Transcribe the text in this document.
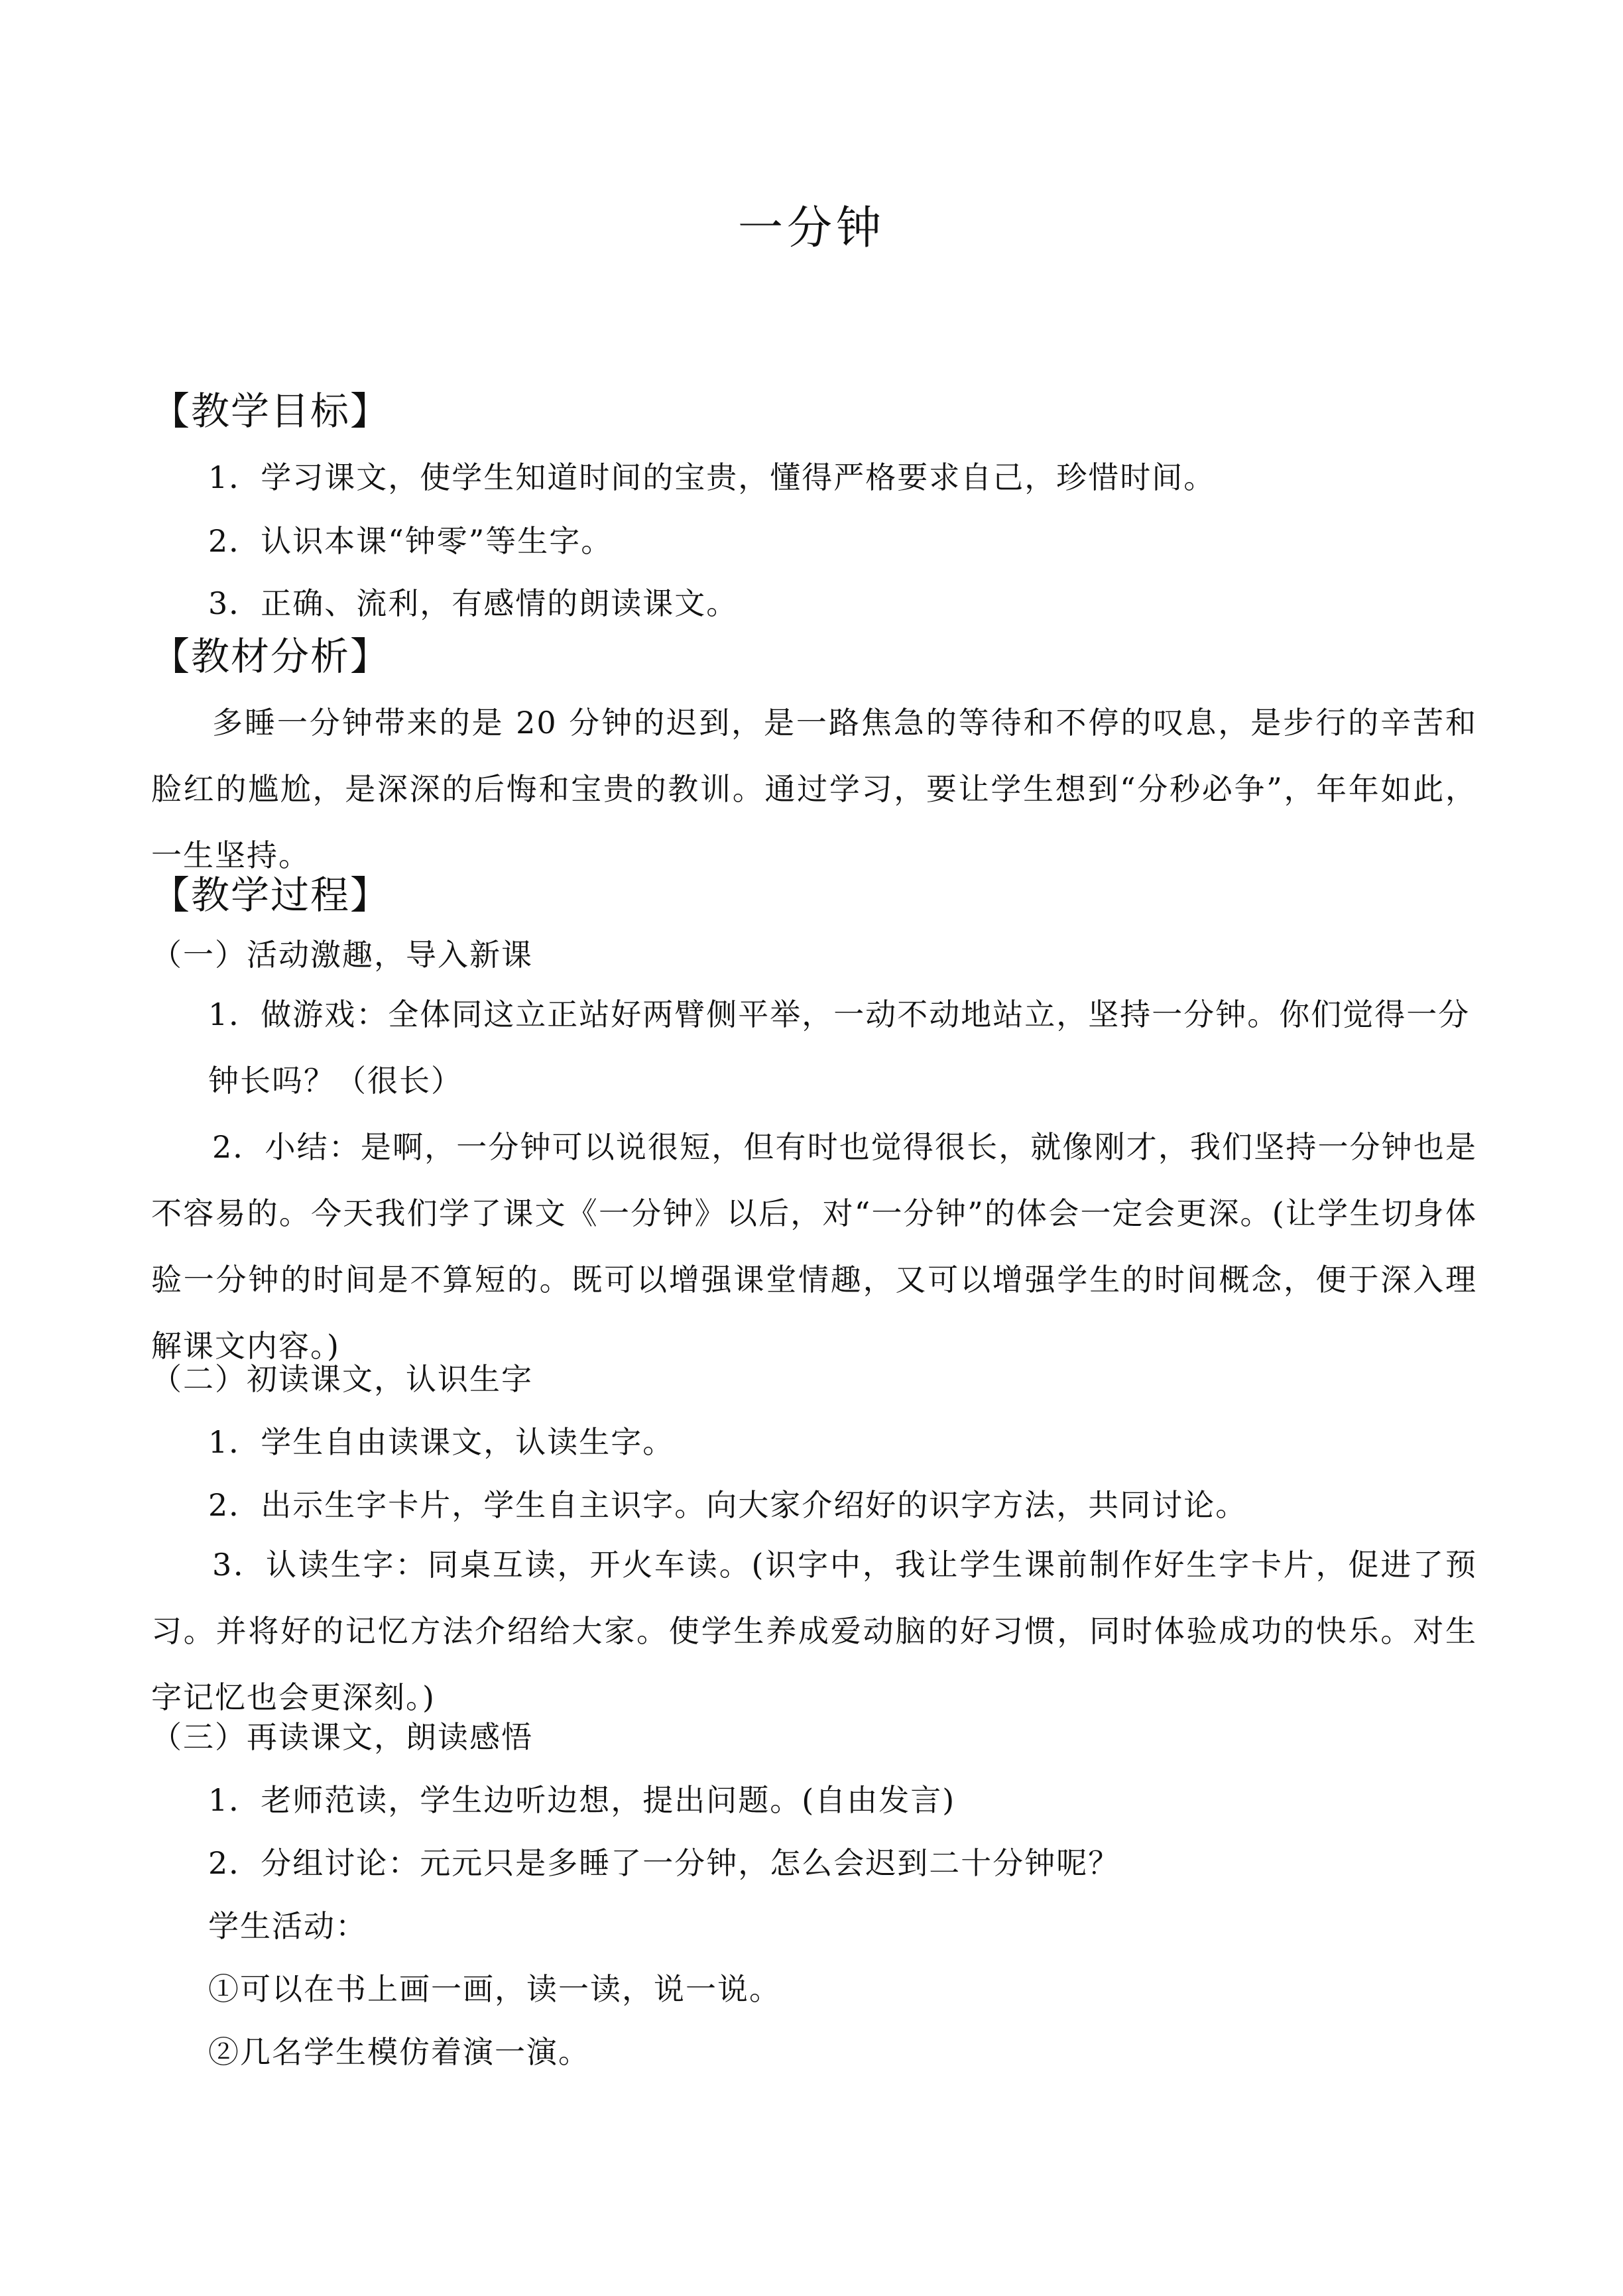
一分钟
【教学目标】
1．学习课文，使学生知道时间的宝贵，懂得严格要求自己，珍惜时间。
2．认识本课“钟零”等生字。
3．正确、流利，有感情的朗读课文。
【教材分析】
多睡一分钟带来的是 20 分钟的迟到，是一路焦急的等待和不停的叹息，是步行的辛苦和脸红的尴尬，是深深的后悔和宝贵的教训。通过学习，要让学生想到“分秒必争”，年年如此，一生坚持。
【教学过程】
（一）活动激趣，导入新课
1．做游戏：全体同这立正站好两臂侧平举，一动不动地站立，坚持一分钟。你们觉得一分钟长吗？（很长）
2．小结：是啊，一分钟可以说很短，但有时也觉得很长，就像刚才，我们坚持一分钟也是不容易的。今天我们学了课文《一分钟》以后，对“一分钟”的体会一定会更深。(让学生切身体验一分钟的时间是不算短的。既可以增强课堂情趣，又可以增强学生的时间概念，便于深入理解课文内容。)
（二）初读课文，认识生字
1．学生自由读课文，认读生字。
2．出示生字卡片，学生自主识字。向大家介绍好的识字方法，共同讨论。
3．认读生字：同桌互读，开火车读。(识字中，我让学生课前制作好生字卡片，促进了预习。并将好的记忆方法介绍给大家。使学生养成爱动脑的好习惯，同时体验成功的快乐。对生字记忆也会更深刻。)
（三）再读课文，朗读感悟
1．老师范读，学生边听边想，提出问题。(自由发言)
2．分组讨论：元元只是多睡了一分钟，怎么会迟到二十分钟呢？
学生活动：
①可以在书上画一画，读一读，说一说。
②几名学生模仿着演一演。
